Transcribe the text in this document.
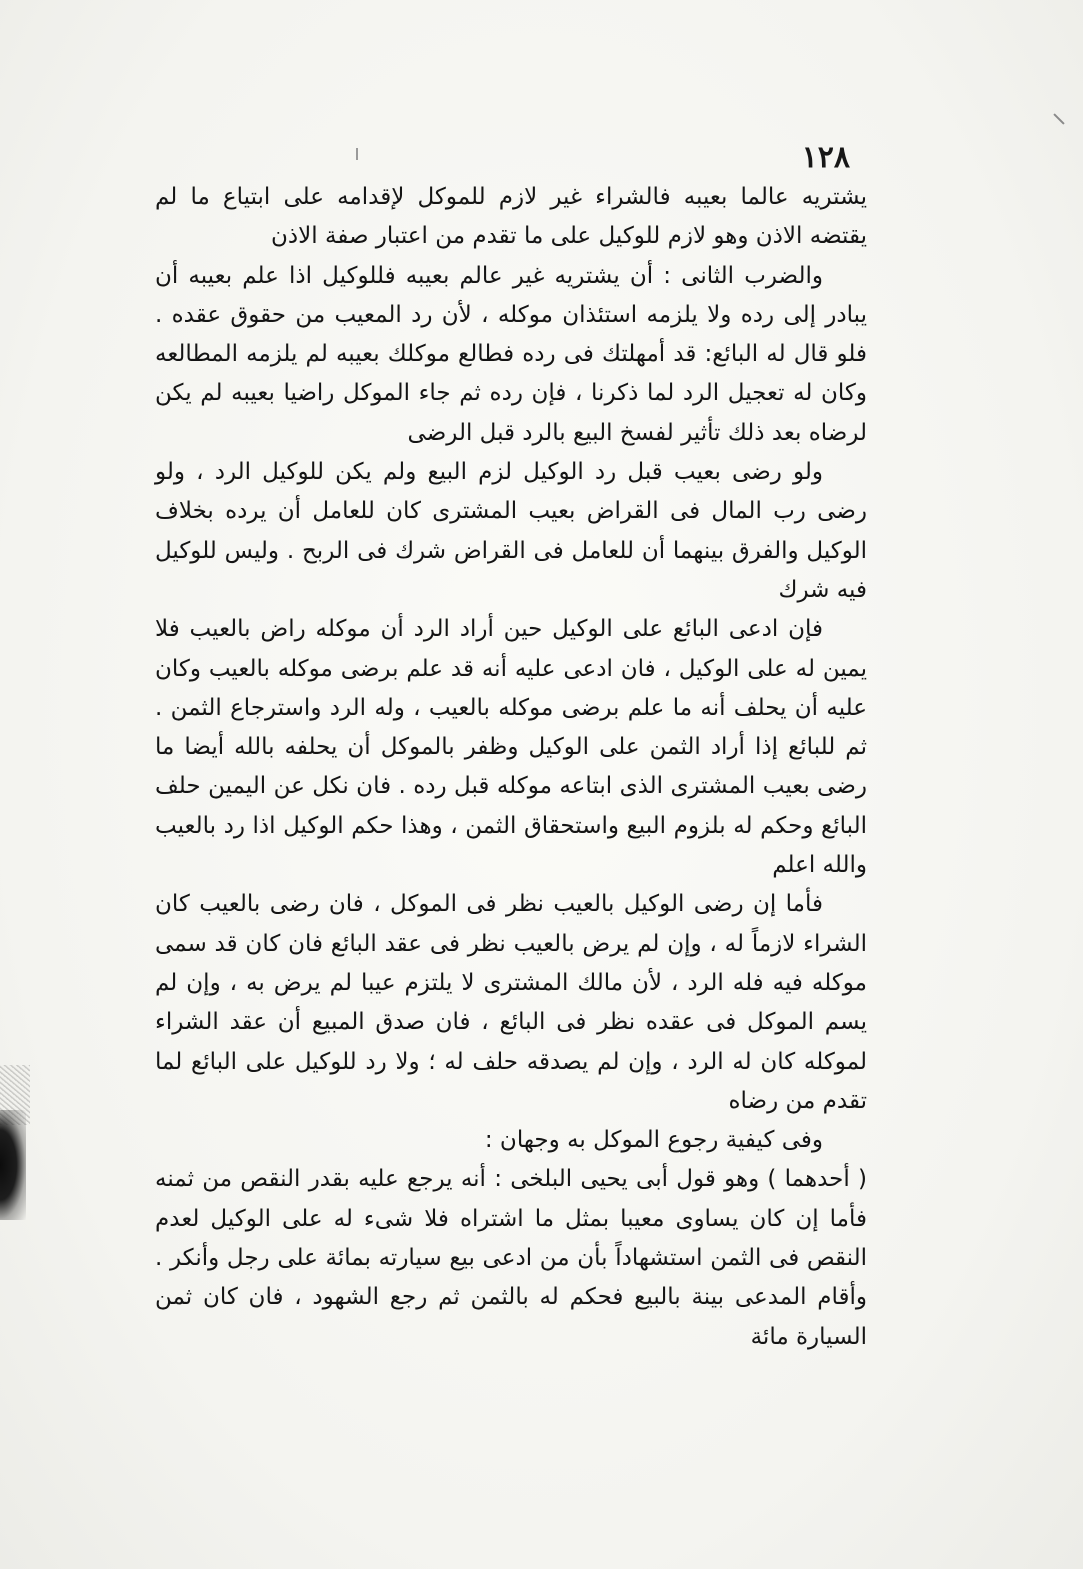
١٢٨

يشتريه عالما بعيبه فالشراء غير لازم للموكل لإقدامه على ابتياع ما لم يقتضه الاذن وهو لازم للوكيل على ما تقدم من اعتبار صفة الاذن

والضرب الثانى : أن يشتريه غير عالم بعيبه فللوكيل اذا علم بعيبه أن يبادر إلى رده ولا يلزمه استئذان موكله ، لأن رد المعيب من حقوق عقده . فلو قال له البائع: قد أمهلتك فى رده فطالع موكلك بعيبه لم يلزمه المطالعه وكان له تعجيل الرد لما ذكرنا ، فإن رده ثم جاء الموكل راضيا بعيبه لم يكن لرضاه بعد ذلك تأثير لفسخ البيع بالرد قبل الرضى

ولو رضى بعيب قبل رد الوكيل لزم البيع ولم يكن للوكيل الرد ، ولو رضى رب المال فى القراض بعيب المشترى كان للعامل أن يرده بخلاف الوكيل والفرق بينهما أن للعامل فى القراض شرك فى الربح . وليس للوكيل فيه شرك

فإن ادعى البائع على الوكيل حين أراد الرد أن موكله راض بالعيب فلا يمين له على الوكيل ، فان ادعى عليه أنه قد علم برضى موكله بالعيب وكان عليه أن يحلف أنه ما علم برضى موكله بالعيب ، وله الرد واسترجاع الثمن . ثم للبائع إذا أراد الثمن على الوكيل وظفر بالموكل أن يحلفه بالله أيضا ما رضى بعيب المشترى الذى ابتاعه موكله قبل رده . فان نكل عن اليمين حلف البائع وحكم له بلزوم البيع واستحقاق الثمن ، وهذا حكم الوكيل اذا رد بالعيب والله اعلم

فأما إن رضى الوكيل بالعيب نظر فى الموكل ، فان رضى بالعيب كان الشراء لازماً له ، وإن لم يرض بالعيب نظر فى عقد البائع فان كان قد سمى موكله فيه فله الرد ، لأن مالك المشترى لا يلتزم عيبا لم يرض به ، وإن لم يسم الموكل فى عقده نظر فى البائع ، فان صدق المبيع أن عقد الشراء لموكله كان له الرد ، وإن لم يصدقه حلف له ؛ ولا رد للوكيل على البائع لما تقدم من رضاه

وفى كيفية رجوع الموكل به وجهان :

( أحدهما ) وهو قول أبى يحيى البلخى : أنه يرجع عليه بقدر النقص من ثمنه فأما إن كان يساوى معيبا بمثل ما اشتراه فلا شىء له على الوكيل لعدم النقص فى الثمن استشهاداً بأن من ادعى بيع سيارته بمائة على رجل وأنكر . وأقام المدعى بينة بالبيع فحكم له بالثمن ثم رجع الشهود ، فان كان ثمن السيارة مائة
